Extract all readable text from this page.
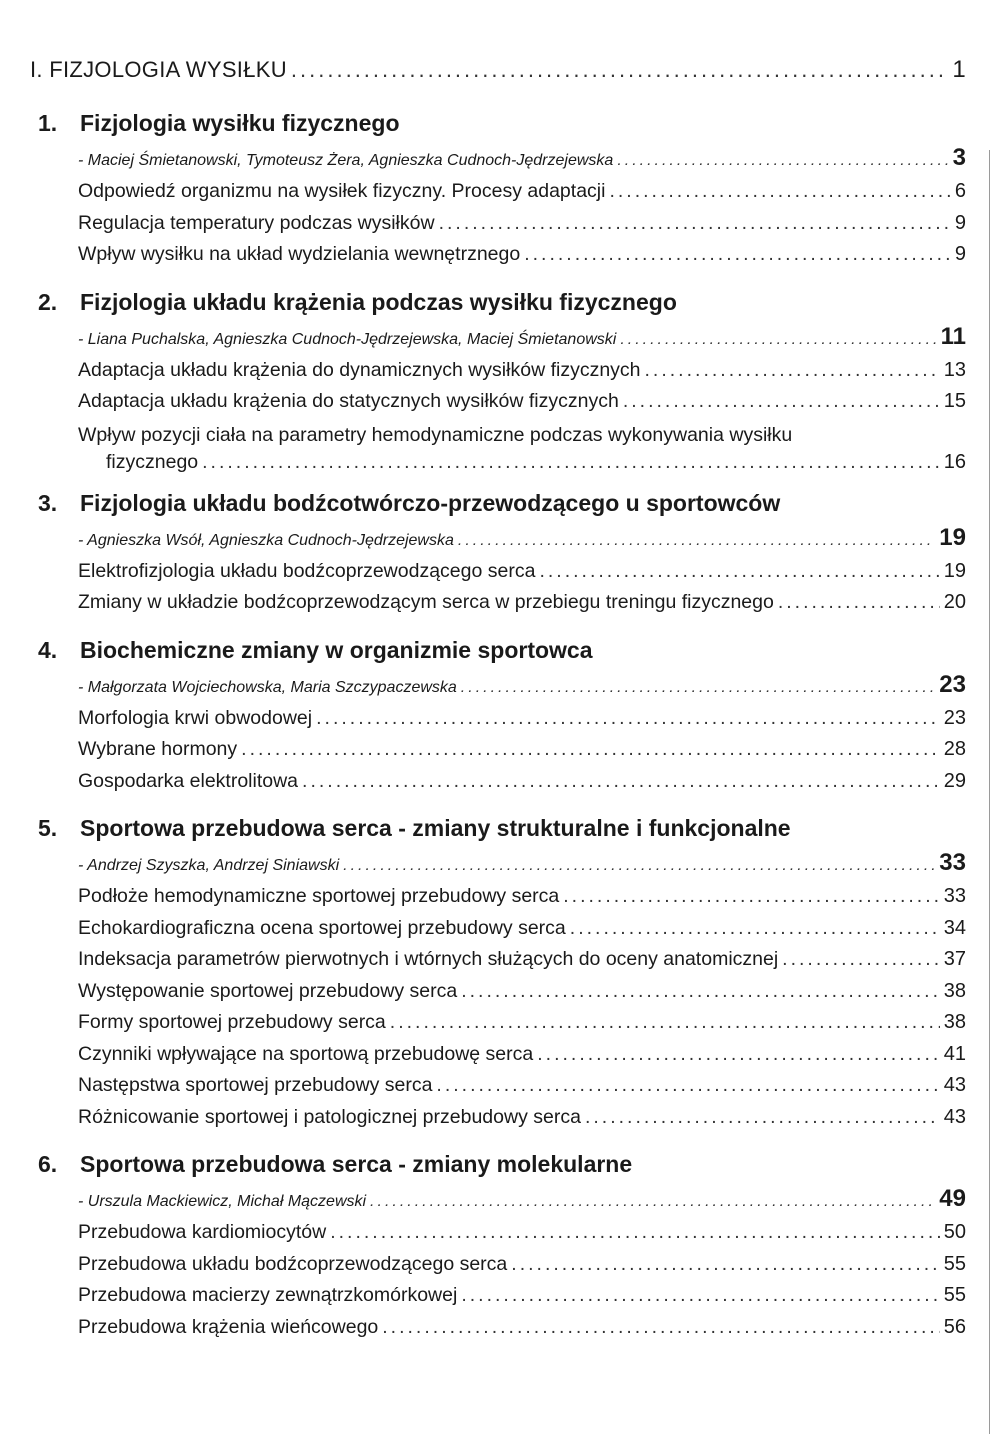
I. FIZJOLOGIA WYSIŁKU .....	1
1. Fizjologia wysiłku fizycznego
- Maciej Śmietanowski, Tymoteusz Żera, Agnieszka Cudnoch-Jędrzejewska .....	3
Odpowiedź organizmu na wysiłek fizyczny. Procesy adaptacji .....	6
Regulacja temperatury podczas wysiłków .....	9
Wpływ wysiłku na układ wydzielania wewnętrznego .....	9
2. Fizjologia układu krążenia podczas wysiłku fizycznego
- Liana Puchalska, Agnieszka Cudnoch-Jędrzejewska, Maciej Śmietanowski .....	11
Adaptacja układu krążenia do dynamicznych wysiłków fizycznych .....	13
Adaptacja układu krążenia do statycznych wysiłków fizycznych .....	15
Wpływ pozycji ciała na parametry hemodynamiczne podczas wykonywania wysiłku
fizycznego .....	16
3. Fizjologia układu bodźcotwórczo-przewodzącego u sportowców
- Agnieszka Wsół, Agnieszka Cudnoch-Jędrzejewska .....	19
Elektrofizjologia układu bodźcoprzewodzącego serca .....	19
Zmiany w układzie bodźcoprzewodzącym serca w przebiegu treningu fizycznego .....	20
4. Biochemiczne zmiany w organizmie sportowca
- Małgorzata Wojciechowska, Maria Szczypaczewska .....	23
Morfologia krwi obwodowej .....	23
Wybrane hormony .....	28
Gospodarka elektrolitowa .....	29
5. Sportowa przebudowa serca - zmiany strukturalne i funkcjonalne
- Andrzej Szyszka, Andrzej Siniawski .....	33
Podłoże hemodynamiczne sportowej przebudowy serca .....	33
Echokardiograficzna ocena sportowej przebudowy serca .....	34
Indeksacja parametrów pierwotnych i wtórnych służących do oceny anatomicznej .....	37
Występowanie sportowej przebudowy serca .....	38
Formy sportowej przebudowy serca .....	38
Czynniki wpływające na sportową przebudowę serca .....	41
Następstwa sportowej przebudowy serca .....	43
Różnicowanie sportowej i patologicznej przebudowy serca .....	43
6. Sportowa przebudowa serca - zmiany molekularne
- Urszula Mackiewicz, Michał Mączewski .....	49
Przebudowa kardiomiocytów .....	50
Przebudowa układu bodźcoprzewodzącego serca .....	55
Przebudowa macierzy zewnątrzkomórkowej .....	55
Przebudowa krążenia wieńcowego .....	56
